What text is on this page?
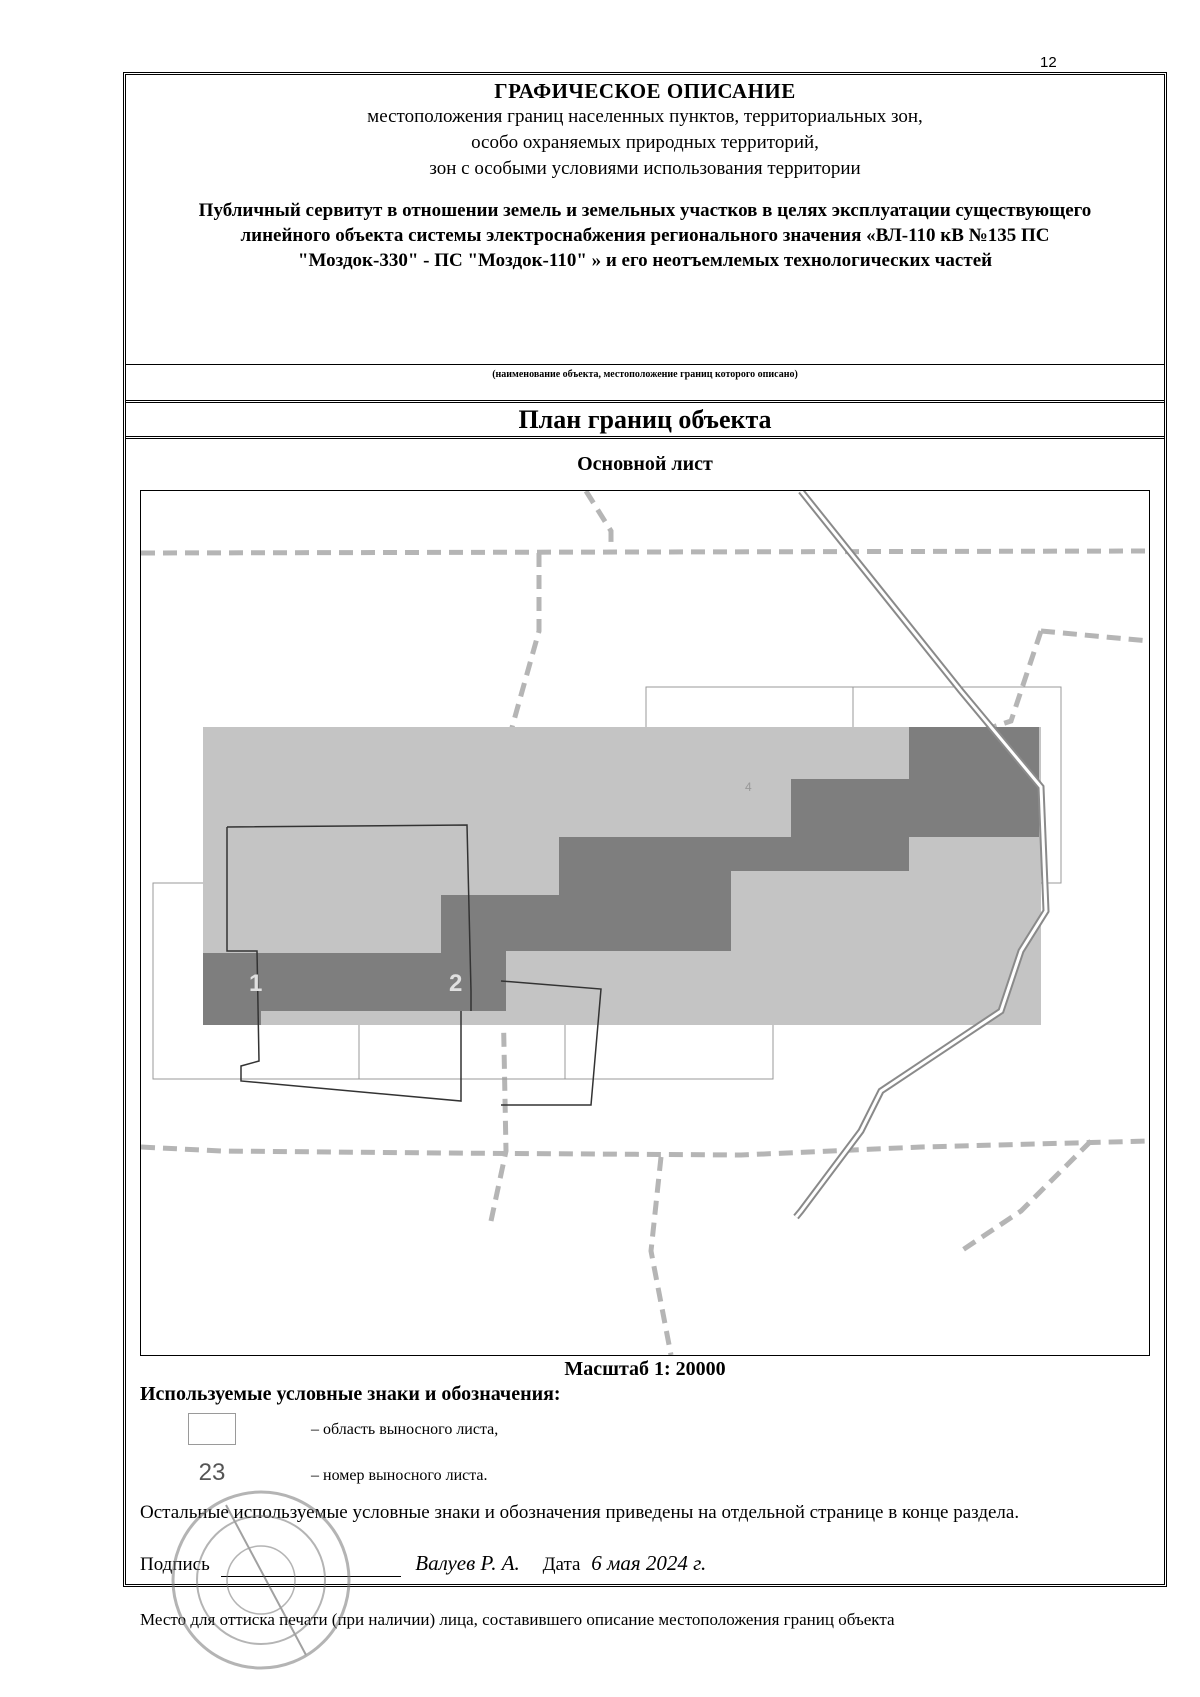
12
ГРАФИЧЕСКОЕ ОПИСАНИЕ
местоположения границ населенных пунктов, территориальных зон,
особо охраняемых природных территорий,
зон с особыми условиями использования территории
Публичный сервитут в отношении земель и земельных участков в целях эксплуатации существующего линейного объекта системы электроснабжения регионального значения «ВЛ-110 кВ №135 ПС "Моздок-330" - ПС "Моздок-110" » и его неотъемлемых технологических частей
(наименование объекта, местоположение границ которого описано)
План границ объекта
Основной лист
1	2
4
Масштаб 1: 20000
Используемые условные знаки и обозначения:
– область выносного листа,
23	– номер выносного листа.
Остальные используемые условные знаки и обозначения приведены на отдельной странице в конце раздела.
Подпись	Валуев Р. А. Дата 6 мая 2024 г.
Место для оттиска печати (при наличии) лица, составившего описание местоположения границ объекта
